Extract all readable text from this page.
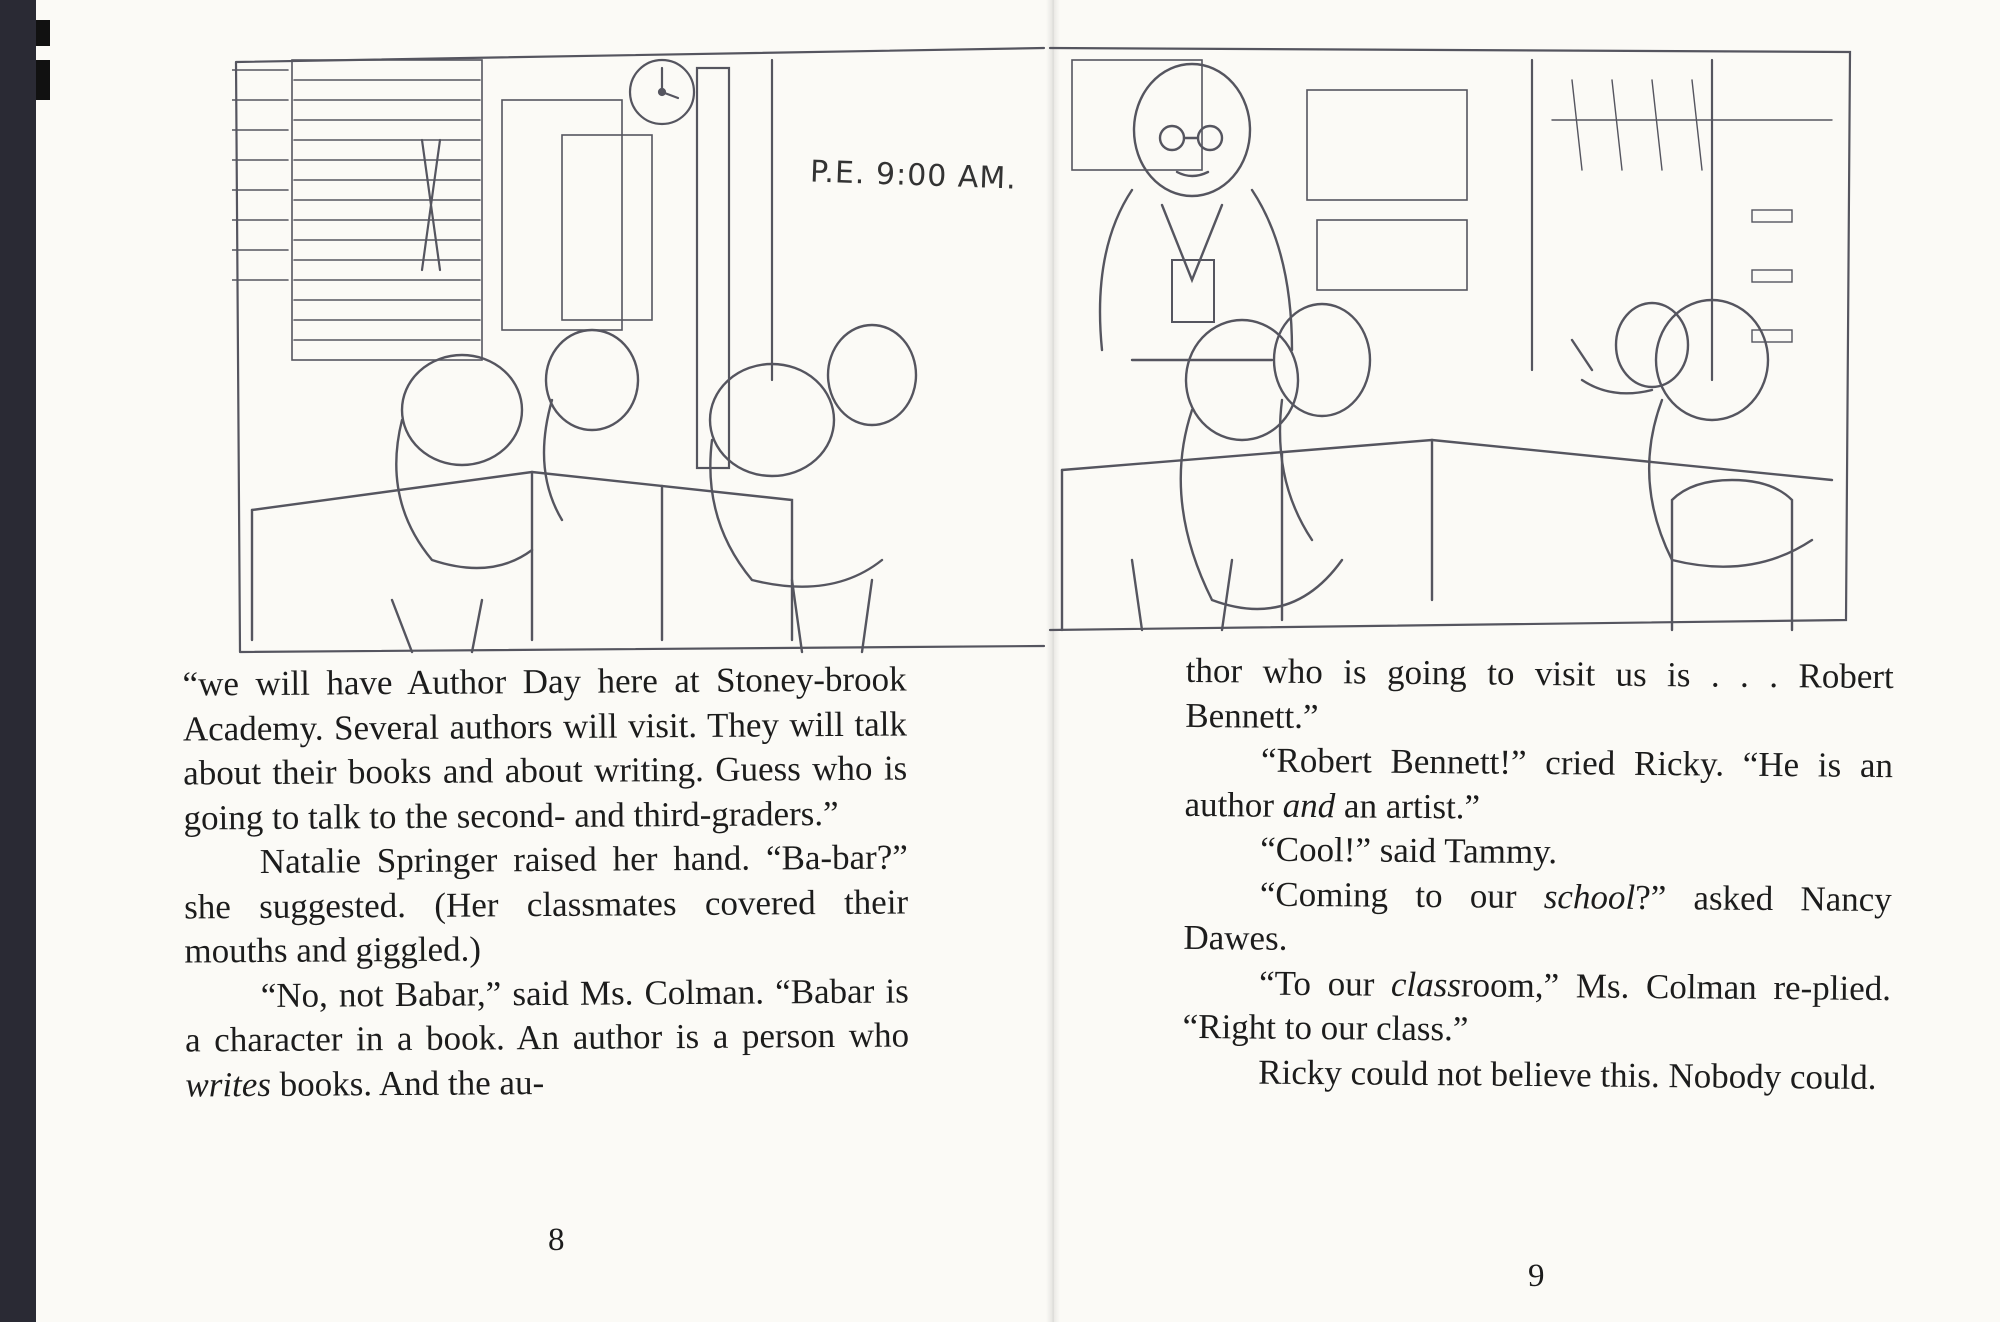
P.E. 9:00 AM.

“we will have Author Day here at Stoney-brook Academy. Several authors will visit. They will talk about their books and about writing. Guess who is going to talk to the second- and third-graders.”

Natalie Springer raised her hand. “Ba-bar?” she suggested. (Her classmates covered their mouths and giggled.)

“No, not Babar,” said Ms. Colman. “Babar is a character in a book. An author is a person who writes books. And the au-

8

thor who is going to visit us is . . . Robert Bennett.”

“Robert Bennett!” cried Ricky. “He is an author and an artist.”

“Cool!” said Tammy.

“Coming to our school?” asked Nancy Dawes.

“To our classroom,” Ms. Colman re-plied. “Right to our class.”

Ricky could not believe this. Nobody could.

9
